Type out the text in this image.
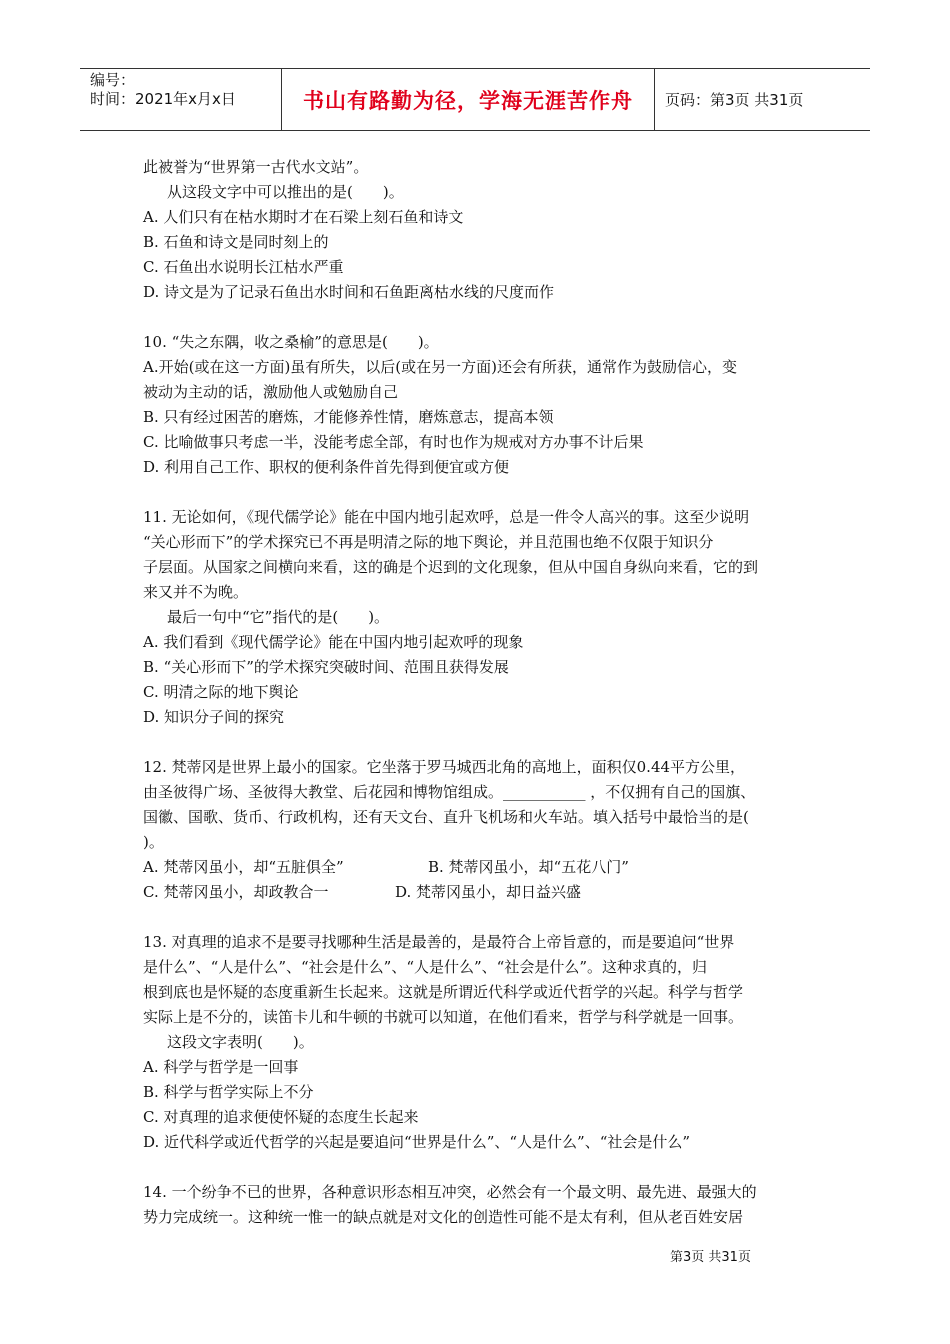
编号：
时间：2021年x月x日	书山有路勤为径，学海无涯苦作舟	页码：第3页 共31页
此被誉为“世界第一古代水文站”。
从这段文字中可以推出的是(　　)。
A. 人们只有在枯水期时才在石梁上刻石鱼和诗文
B. 石鱼和诗文是同时刻上的
C. 石鱼出水说明长江枯水严重
D. 诗文是为了记录石鱼出水时间和石鱼距离枯水线的尺度而作
10. “失之东隅，收之桑榆”的意思是(　　)。
A.开始(或在这一方面)虽有所失，以后(或在另一方面)还会有所获，通常作为鼓励信心，变
被动为主动的话，激励他人或勉励自己
B. 只有经过困苦的磨炼，才能修养性情，磨炼意志，提高本领
C. 比喻做事只考虑一半，没能考虑全部，有时也作为规戒对方办事不计后果
D. 利用自己工作、职权的便利条件首先得到便宜或方便
11. 无论如何，《现代儒学论》能在中国内地引起欢呼，总是一件令人高兴的事。这至少说明
“关心形而下”的学术探究已不再是明清之际的地下舆论，并且范围也绝不仅限于知识分
子层面。从国家之间横向来看，这的确是个迟到的文化现象，但从中国自身纵向来看，它的到
来又并不为晚。
最后一句中“它”指代的是(　　)。
A. 我们看到《现代儒学论》能在中国内地引起欢呼的现象
B. “关心形而下”的学术探究突破时间、范围且获得发展
C. 明清之际的地下舆论
D. 知识分子间的探究
12. 梵蒂冈是世界上最小的国家。它坐落于罗马城西北角的高地上，面积仅0.44平方公里，
由圣彼得广场、圣彼得大教堂、后花园和博物馆组成。___________ ，不仅拥有自己的国旗、
国徽、国歌、货币、行政机构，还有天文台、直升飞机场和火车站。填入括号中最恰当的是(
)。
A. 梵蒂冈虽小，却“五脏俱全”	B. 梵蒂冈虽小，却“五花八门”
C. 梵蒂冈虽小，却政教合一	D. 梵蒂冈虽小，却日益兴盛
13. 对真理的追求不是要寻找哪种生活是最善的，是最符合上帝旨意的，而是要追问“世界
是什么”、“人是什么”、“社会是什么”、“人是什么”、“社会是什么”。这种求真的，归
根到底也是怀疑的态度重新生长起来。这就是所谓近代科学或近代哲学的兴起。科学与哲学
实际上是不分的，读笛卡儿和牛顿的书就可以知道，在他们看来，哲学与科学就是一回事。
这段文字表明(　　)。
A. 科学与哲学是一回事
B. 科学与哲学实际上不分
C. 对真理的追求便使怀疑的态度生长起来
D. 近代科学或近代哲学的兴起是要追问“世界是什么”、“人是什么”、“社会是什么”
14. 一个纷争不已的世界，各种意识形态相互冲突，必然会有一个最文明、最先进、最强大的
势力完成统一。这种统一惟一的缺点就是对文化的创造性可能不是太有利，但从老百姓安居
第3页 共31页
